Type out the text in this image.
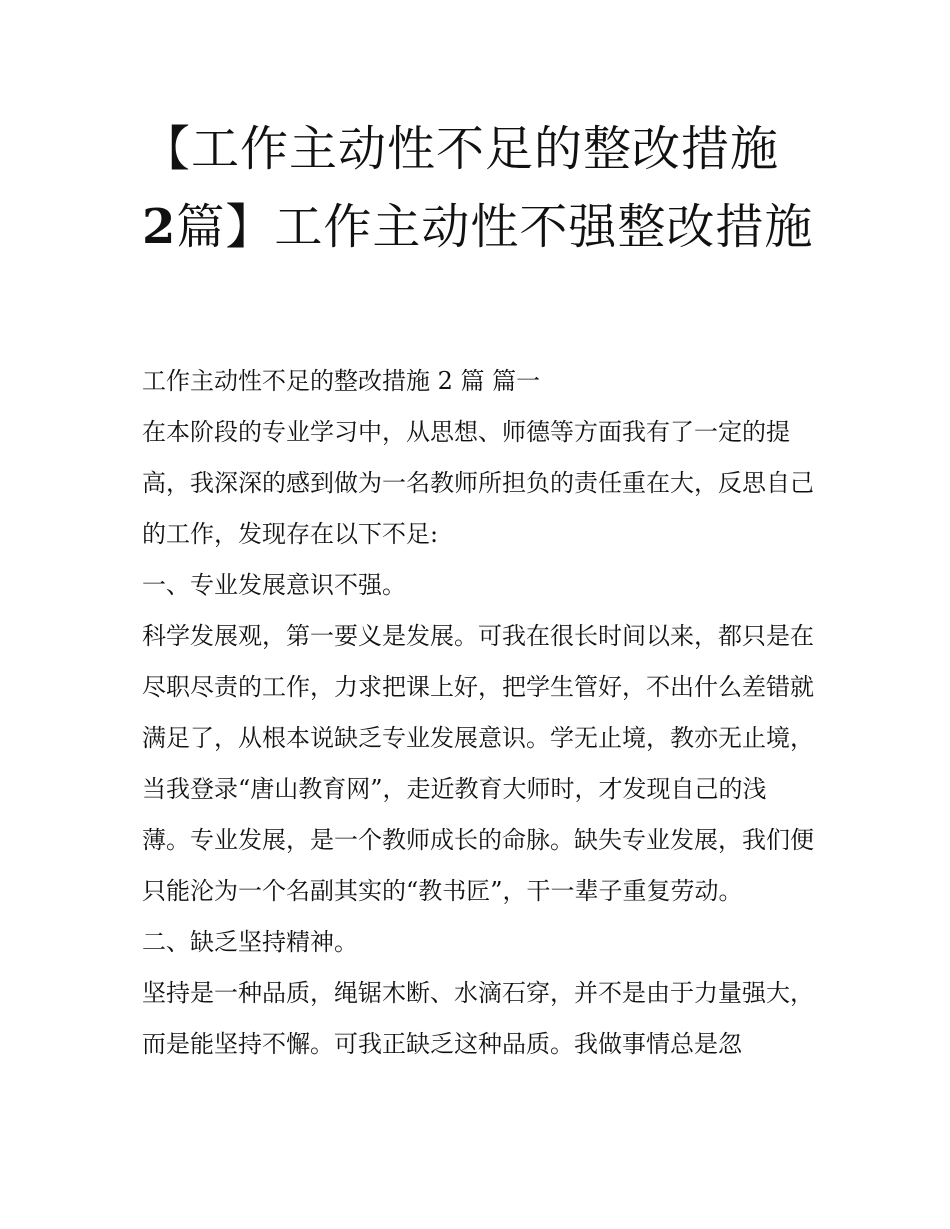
【工作主动性不足的整改措施
2篇】工作主动性不强整改措施

工作主动性不足的整改措施 2 篇 篇一

在本阶段的专业学习中，从思想、师德等方面我有了一定的提高，我深深的感到做为一名教师所担负的责任重在大，反思自己的工作，发现存在以下不足:

一、专业发展意识不强。

科学发展观，第一要义是发展。可我在很长时间以来，都只是在尽职尽责的工作，力求把课上好，把学生管好，不出什么差错就满足了，从根本说缺乏专业发展意识。学无止境，教亦无止境，当我登录“唐山教育网”，走近教育大师时，才发现自己的浅薄。专业发展，是一个教师成长的命脉。缺失专业发展，我们便只能沦为一个名副其实的“教书匠”，干一辈子重复劳动。

二、缺乏坚持精神。

坚持是一种品质，绳锯木断、水滴石穿，并不是由于力量强大，而是能坚持不懈。可我正缺乏这种品质。我做事情总是忽
